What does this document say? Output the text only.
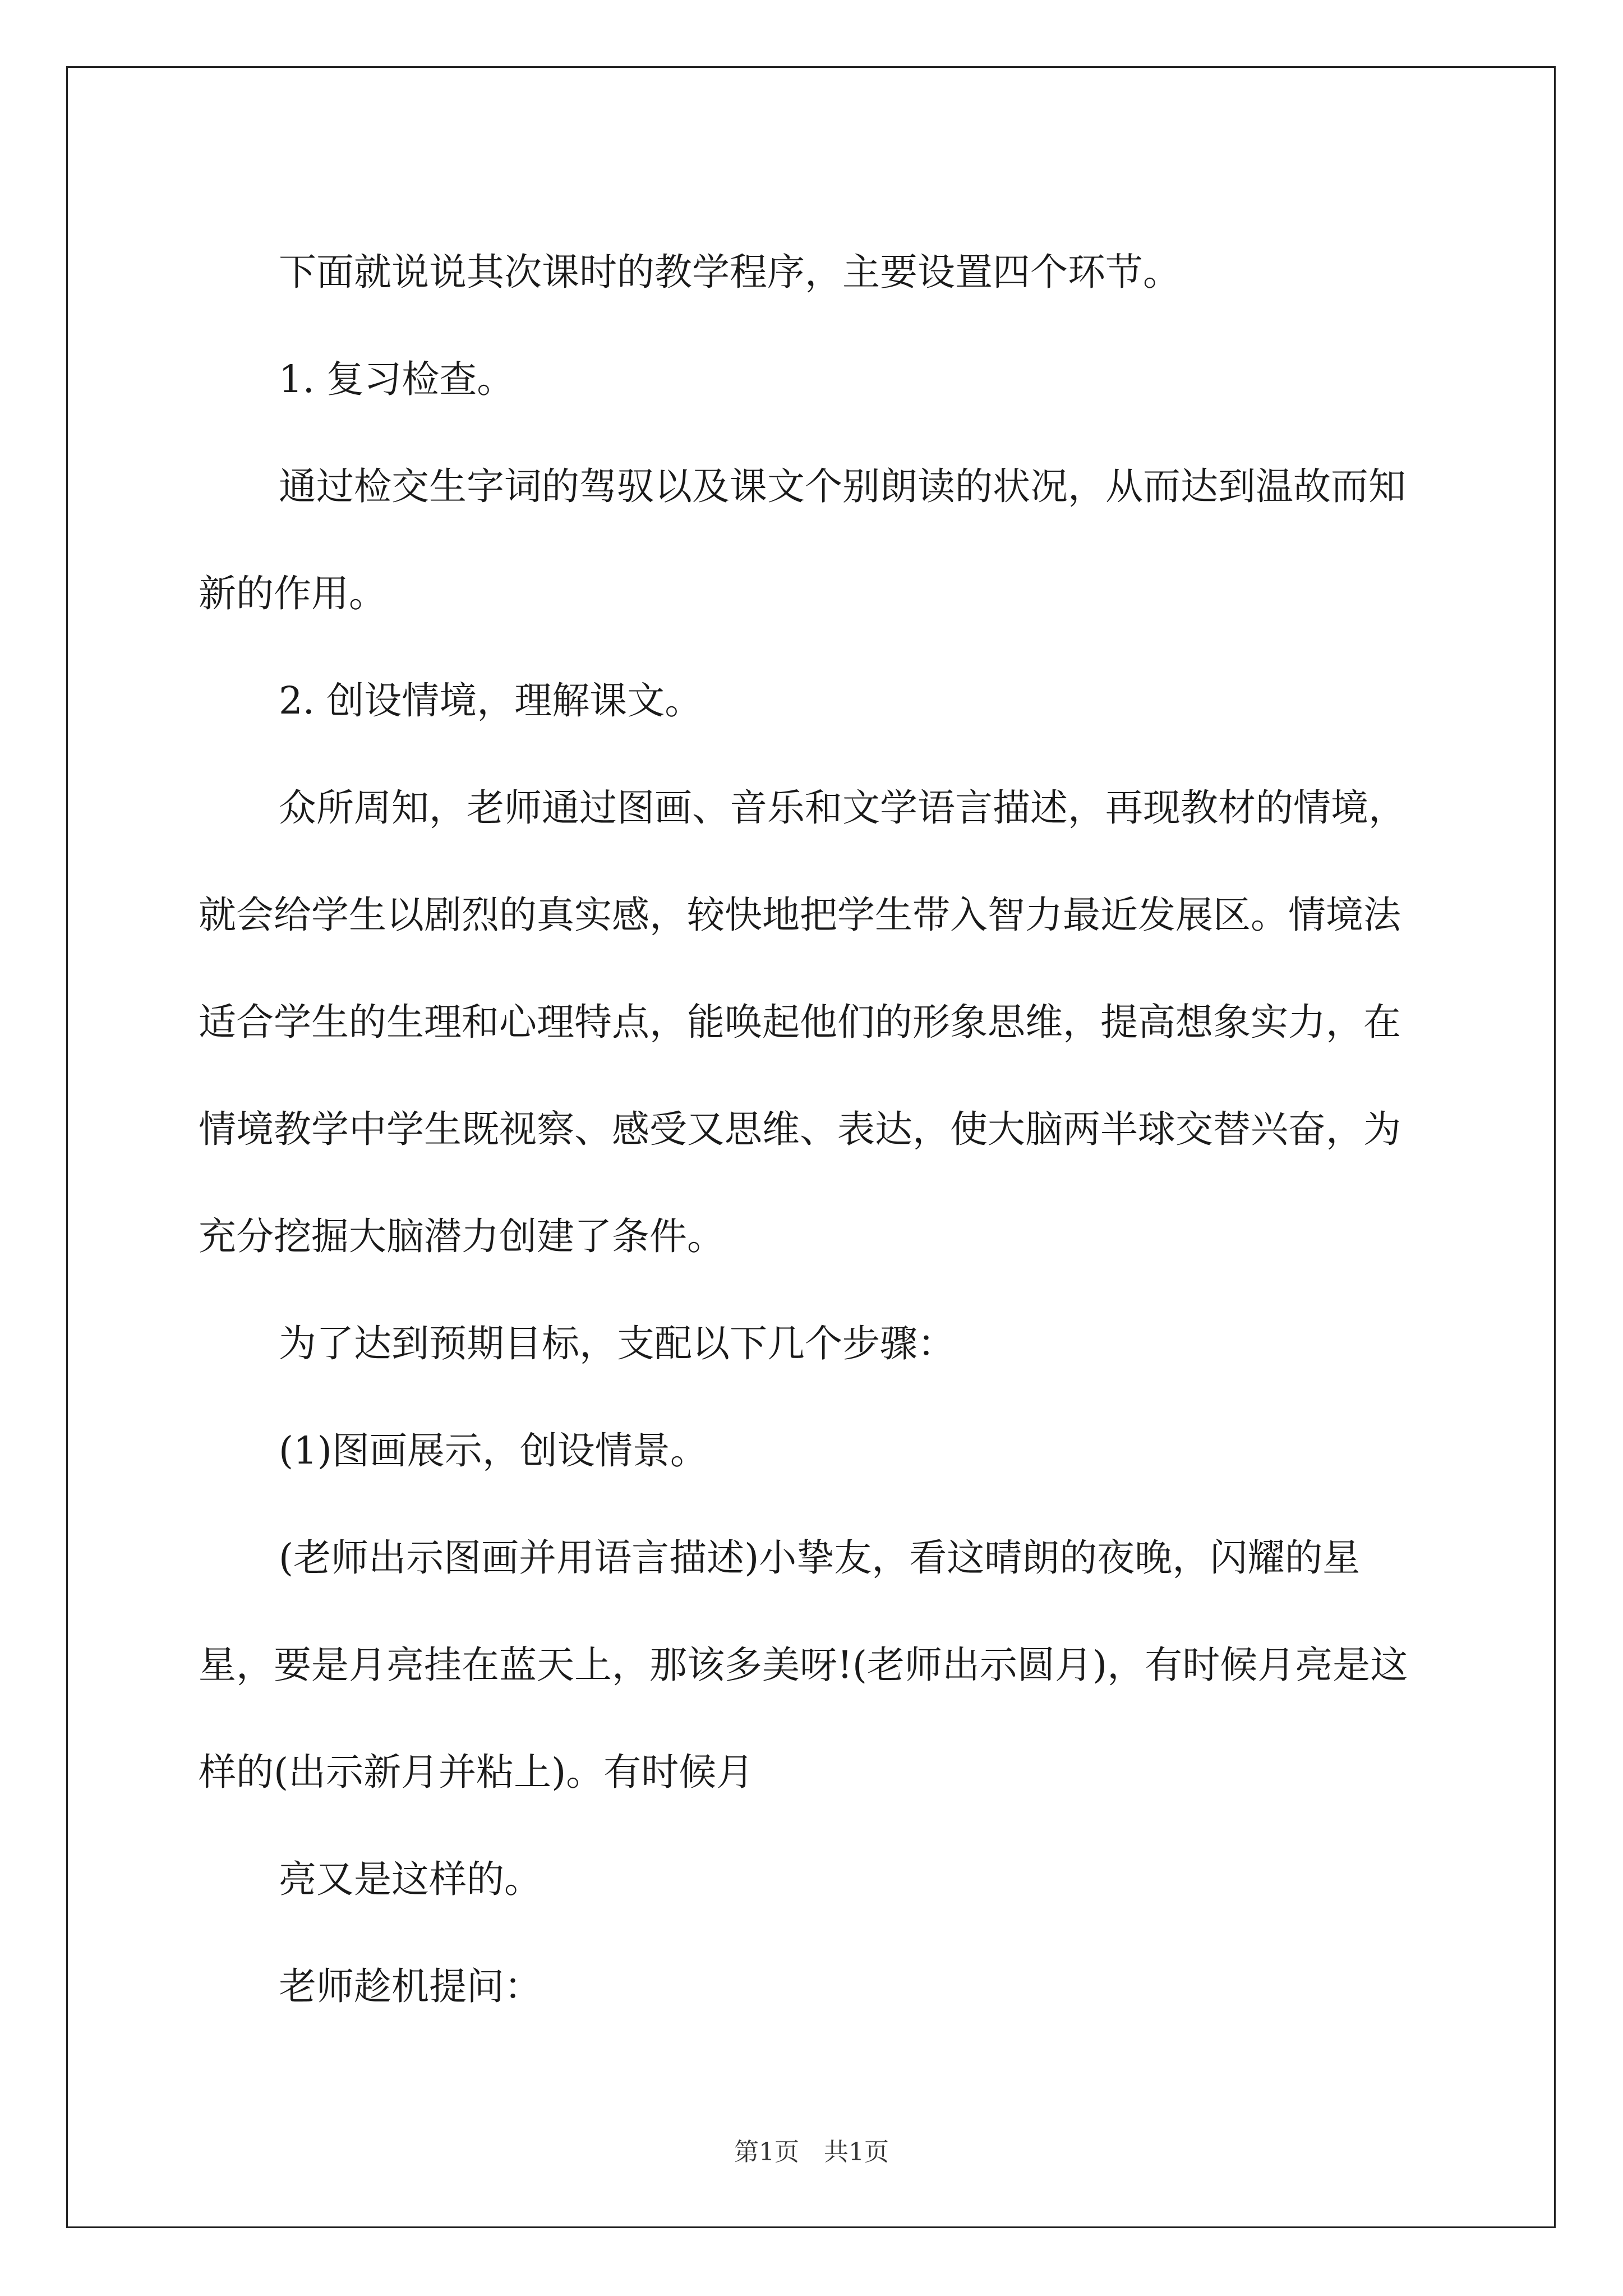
下面就说说其次课时的教学程序，主要设置四个环节。

1. 复习检查。

通过检交生字词的驾驭以及课文个别朗读的状况，从而达到温故而知新的作用。

2. 创设情境，理解课文。

众所周知，老师通过图画、音乐和文学语言描述，再现教材的情境，就会给学生以剧烈的真实感，较快地把学生带入智力最近发展区。情境法适合学生的生理和心理特点，能唤起他们的形象思维，提高想象实力，在情境教学中学生既视察、感受又思维、表达，使大脑两半球交替兴奋，为充分挖掘大脑潜力创建了条件。

为了达到预期目标，支配以下几个步骤：

(1)图画展示，创设情景。

(老师出示图画并用语言描述)小挚友，看这晴朗的夜晚，闪耀的星星，要是月亮挂在蓝天上，那该多美呀!(老师出示圆月)，有时候月亮是这样的(出示新月并粘上)。有时候月

亮又是这样的。

老师趁机提问：

第1页　共1页
